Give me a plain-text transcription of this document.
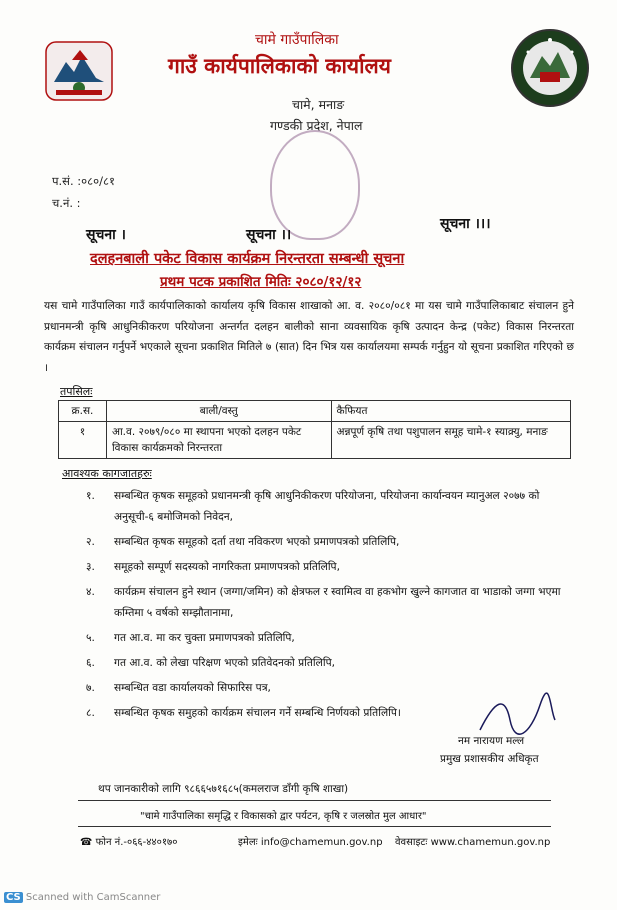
चामे गाउँपालिका
गाउँ कार्यपालिकाको कार्यालय
चामे, मनाङ
गण्डकी प्रदेश, नेपाल
प.सं. :०८०/८१
च.नं. :
सूचना ।	सूचना ।।
सूचना ।।।
दलहनबाली पकेट विकास कार्यक्रम निरन्तरता सम्बन्धी सूचना
प्रथम पटक प्रकाशित मितिः २०८०/१२/१२
यस चामे गाउँपालिका गाउँ कार्यपालिकाको कार्यालय कृषि विकास शाखाको आ. व. २०८०/०८१ मा यस चामे गाउँपालिकाबाट संचालन हुने प्रधानमन्त्री कृषि आधुनिकीकरण परियोजना अन्तर्गत दलहन बालीको साना व्यवसायिक कृषि उत्पादन केन्द्र (पकेट) विकास निरन्तरता कार्यक्रम संचालन गर्नुपर्ने भएकाले सूचना प्रकाशित मितिले ७ (सात) दिन भित्र यस कार्यालयमा सम्पर्क गर्नुहुन यो सूचना प्रकाशित गरिएको छ ।
तपसिलः
क्र.स.	बाली/वस्तु	कैफियत
१	आ.व. २०७९/०८० मा स्थापना भएको दलहन पकेट विकास कार्यक्रमको निरन्तरता	अन्नपूर्ण कृषि तथा पशुपालन समूह चामे-१ स्याक्र्यु, मनाङ
आवश्यक कागजातहरुः
१.	सम्बन्धित कृषक समूहको प्रधानमन्त्री कृषि आधुनिकीकरण परियोजना, परियोजना कार्यान्वयन म्यानुअल २०७७ को अनुसूची-६ बमोजिमको निवेदन,
२.	सम्बन्धित कृषक समूहको दर्ता तथा नविकरण भएको प्रमाणपत्रको प्रतिलिपि,
३.	समूहको सम्पूर्ण सदस्यको नागरिकता प्रमाणपत्रको प्रतिलिपि,
४.	कार्यक्रम संचालन हुने स्थान (जग्गा/जमिन) को क्षेत्रफल र स्वामित्व वा हकभोग खुल्ने कागजात वा भाडाको जग्गा भएमा कम्तिमा ५ वर्षको सम्झौतानामा,
५.	गत आ.व. मा कर चुक्ता प्रमाणपत्रको प्रतिलिपि,
६.	गत आ.व. को लेखा परिक्षण भएको प्रतिवेदनको प्रतिलिपि,
७.	सम्बन्धित वडा कार्यालयको सिफारिस पत्र,
८.	सम्बन्धित कृषक समुहको कार्यक्रम संचालन गर्ने सम्बन्धि निर्णयको प्रतिलिपि।
नम नारायण मल्ल
प्रमुख प्रशासकीय अधिकृत
थप जानकारीको लागि ९८६६५७१६८५(कमलराज डाँगी कृषि शाखा)
"चामे गाउँपालिका समृद्धि र विकासको द्वार पर्यटन, कृषि र जलस्रोत मुल आधार"
☎ फोन नं.-०६६-४४०१७०	इमेलः info@chamemun.gov.np वेवसाइटः www.chamemun.gov.np
CS Scanned with CamScanner
